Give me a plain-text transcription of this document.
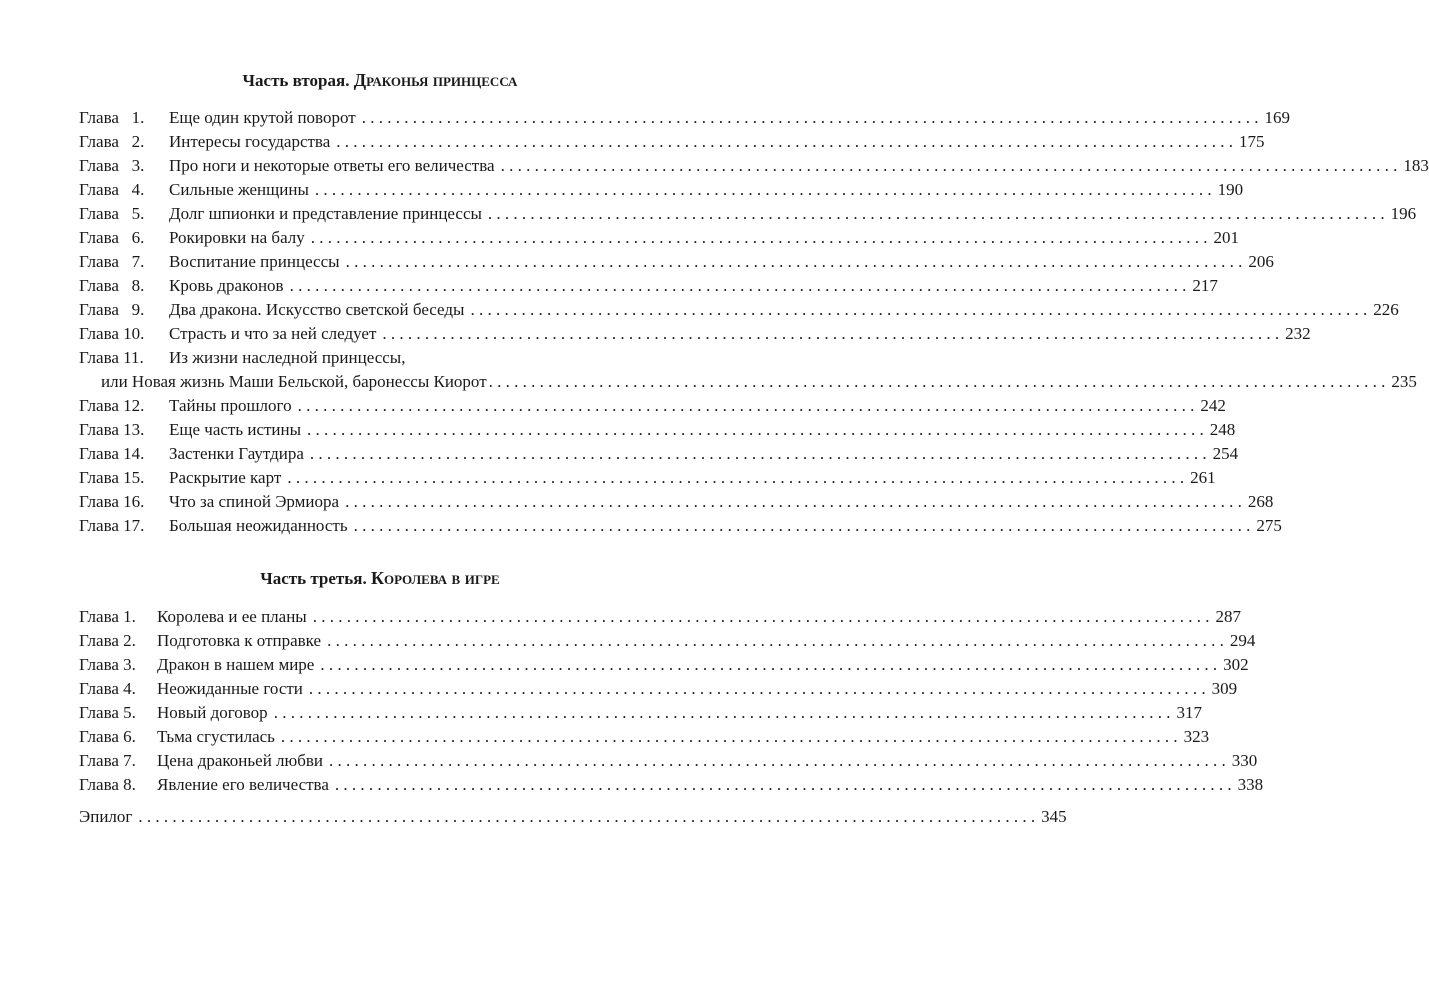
Часть вторая. Драконья принцесса
Глава   1.	Еще один крутой поворот . . .	169
Глава   2.	Интересы государства . . .	175
Глава   3.	Про ноги и некоторые ответы его величества . . .	183
Глава   4.	Сильные женщины . . .	190
Глава   5.	Долг шпионки и представление принцессы . . .	196
Глава   6.	Рокировки на балу . . .	201
Глава   7.	Воспитание принцессы . . .	206
Глава   8.	Кровь драконов . . .	217
Глава   9.	Два дракона. Искусство светской беседы . . .	226
Глава 10.	Страсть и что за ней следует . . .	232
Глава 11. Из жизни наследной принцессы,
или Новая жизнь Маши Бельской, баронессы Киорот . . .	235
Глава 12.	Тайны прошлого . . .	242
Глава 13.	Еще часть истины . . .	248
Глава 14.	Застенки Гаутдира . . .	254
Глава 15.	Раскрытие карт . . .	261
Глава 16.	Что за спиной Эрмиора . . .	268
Глава 17.	Большая неожиданность . . .	275
Часть третья. Королева в игре
Глава 1.	Королева и ее планы . . .	287
Глава 2.	Подготовка к отправке . . .	294
Глава 3.	Дракон в нашем мире . . .	302
Глава 4.	Неожиданные гости . . .	309
Глава 5.	Новый договор . . .	317
Глава 6.	Тьма сгустилась . . .	323
Глава 7.	Цена драконьей любви . . .	330
Глава 8.	Явление его величества . . .	338
Эпилог . . .	345
